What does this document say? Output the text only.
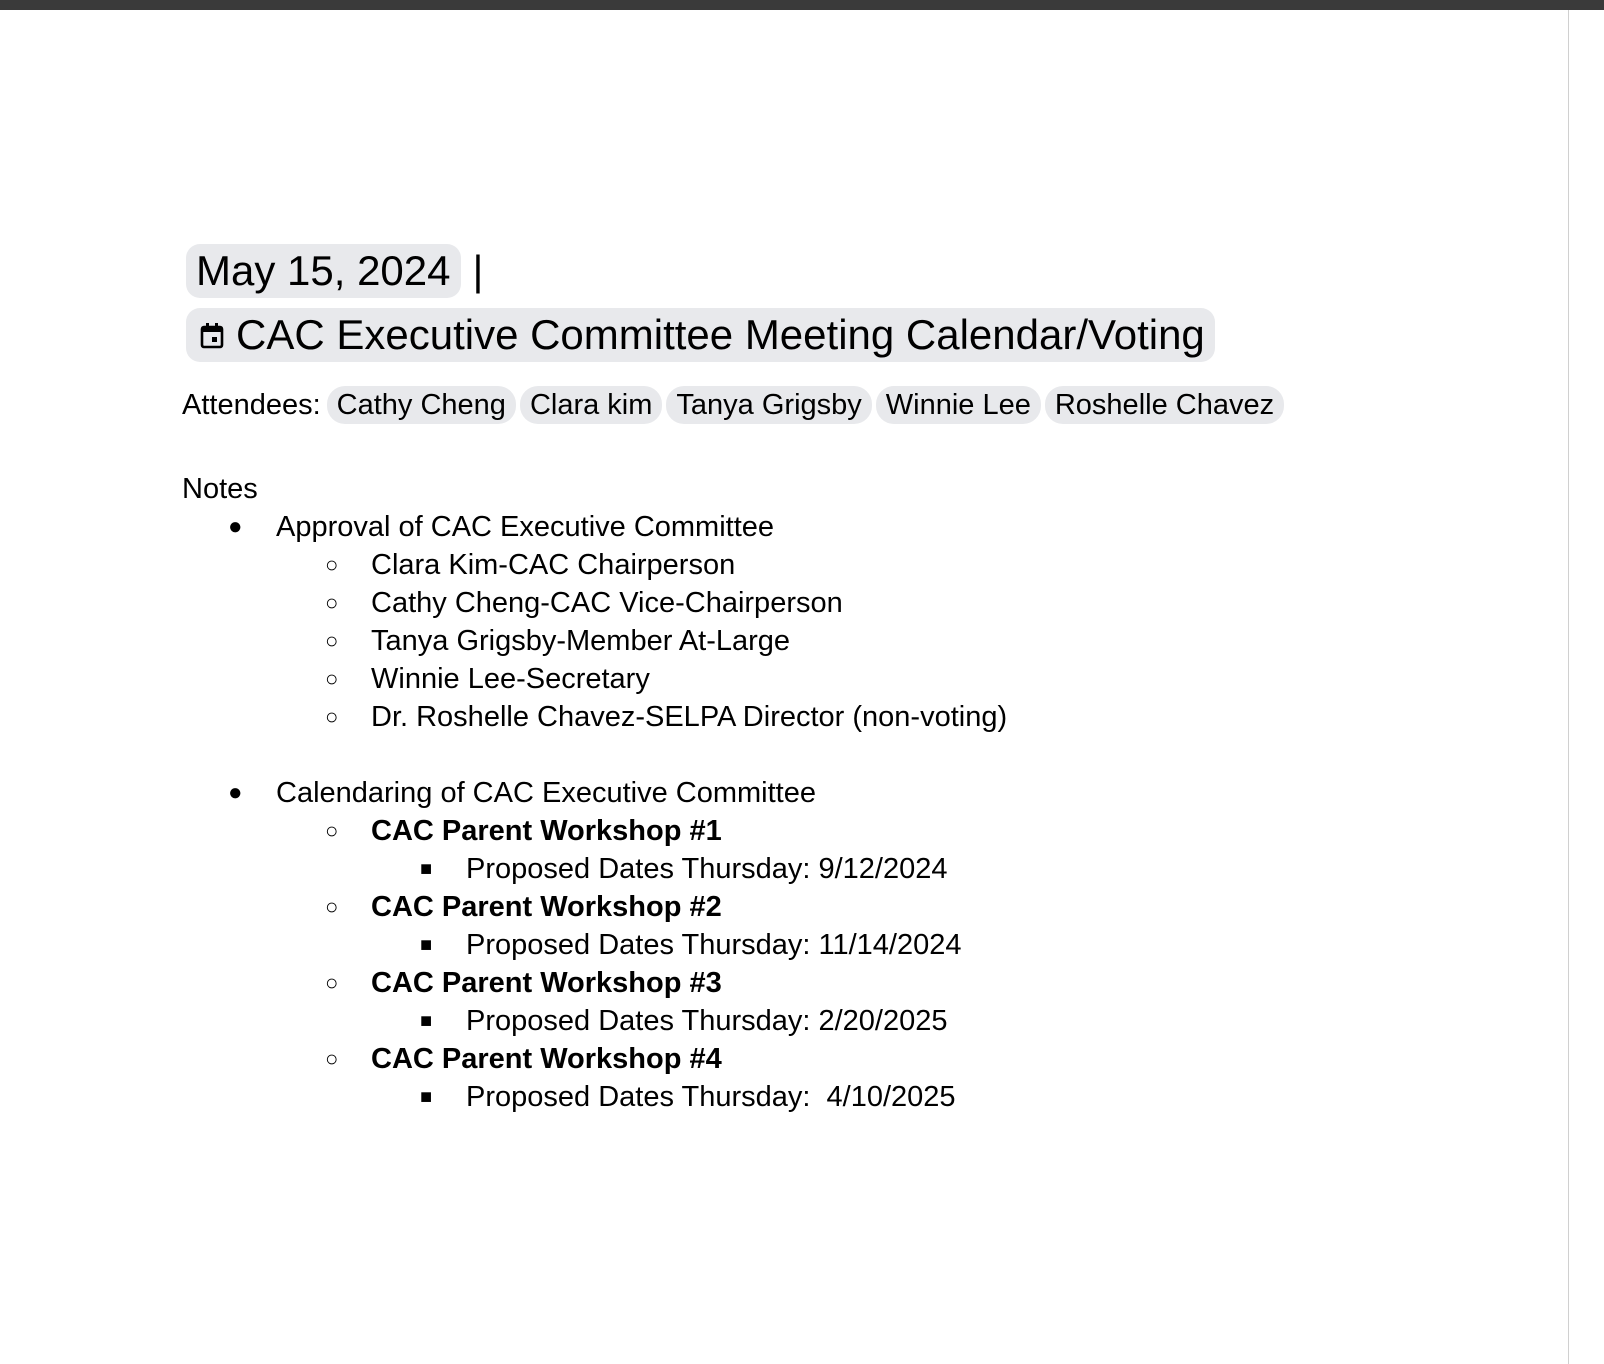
May 15, 2024 |
CAC Executive Committee Meeting Calendar/Voting
Attendees: Cathy Cheng Clara kim Tanya Grigsby Winnie Lee Roshelle Chavez
Notes
● Approval of CAC Executive Committee
○ Clara Kim-CAC Chairperson
○ Cathy Cheng-CAC Vice-Chairperson
○ Tanya Grigsby-Member At-Large
○ Winnie Lee-Secretary
○ Dr. Roshelle Chavez-SELPA Director (non-voting)
● Calendaring of CAC Executive Committee
○ CAC Parent Workshop #1
■ Proposed Dates Thursday: 9/12/2024
○ CAC Parent Workshop #2
■ Proposed Dates Thursday: 11/14/2024
○ CAC Parent Workshop #3
■ Proposed Dates Thursday: 2/20/2025
○ CAC Parent Workshop #4
■ Proposed Dates Thursday:  4/10/2025
